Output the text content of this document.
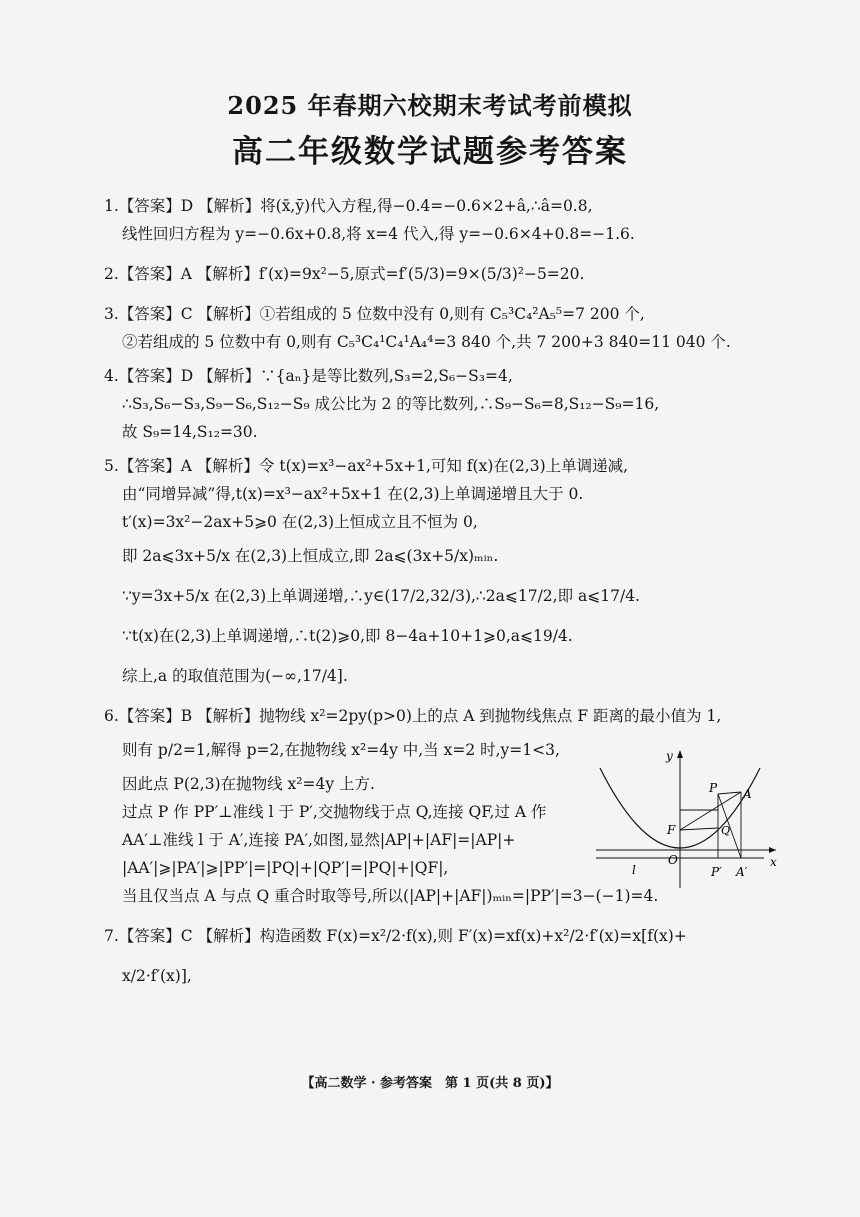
2025 年春期六校期末考试考前模拟
高二年级数学试题参考答案
1.【答案】D 【解析】将(x̄,ȳ)代入方程,得−0.4=−0.6×2+â,∴â=0.8,
线性回归方程为 y=−0.6x+0.8,将 x=4 代入,得 y=−0.6×4+0.8=−1.6.
2.【答案】A 【解析】f′(x)=9x²−5,原式=f′(5/3)=9×(5/3)²−5=20.
3.【答案】C 【解析】①若组成的 5 位数中没有 0,则有 C₅³C₄²A₅⁵=7 200 个,
②若组成的 5 位数中有 0,则有 C₅³C₄¹C₄¹A₄⁴=3 840 个,共 7 200+3 840=11 040 个.
4.【答案】D 【解析】∵{aₙ}是等比数列,S₃=2,S₆−S₃=4,
∴S₃,S₆−S₃,S₉−S₆,S₁₂−S₉ 成公比为 2 的等比数列,∴S₉−S₆=8,S₁₂−S₉=16,
故 S₉=14,S₁₂=30.
5.【答案】A 【解析】令 t(x)=x³−ax²+5x+1,可知 f(x)在(2,3)上单调递减,
由“同增异减”得,t(x)=x³−ax²+5x+1 在(2,3)上单调递增且大于 0.
t′(x)=3x²−2ax+5⩾0 在(2,3)上恒成立且不恒为 0,
即 2a⩽3x+5/x 在(2,3)上恒成立,即 2a⩽(3x+5/x)ₘᵢₙ.
∵y=3x+5/x 在(2,3)上单调递增,∴y∈(17/2,32/3),∴2a⩽17/2,即 a⩽17/4.
∵t(x)在(2,3)上单调递增,∴t(2)⩾0,即 8−4a+10+1⩾0,a⩽19/4.
综上,a 的取值范围为(−∞,17/4].
6.【答案】B 【解析】抛物线 x²=2py(p>0)上的点 A 到抛物线焦点 F 距离的最小值为 1,
则有 p/2=1,解得 p=2,在抛物线 x²=4y 中,当 x=2 时,y=1<3,
因此点 P(2,3)在抛物线 x²=4y 上方.
过点 P 作 PP′⊥准线 l 于 P′,交抛物线于点 Q,连接 QF,过 A 作
AA′⊥准线 l 于 A′,连接 PA′,如图,显然|AP|+|AF|=|AP|+
|AA′|⩾|PA′|⩾|PP′|=|PQ|+|QP′|=|PQ|+|QF|,
当且仅当点 A 与点 Q 重合时取等号,所以(|AP|+|AF|)ₘᵢₙ=|PP′|=3−(−1)=4.
7.【答案】C 【解析】构造函数 F(x)=x²/2·f(x),则 F′(x)=xf(x)+x²/2·f′(x)=x[f(x)+
x/2·f′(x)],
y
x
O
P A
F	Q
l	P′ A′
【高二数学 · 参考答案　第 1 页(共 8 页)】
